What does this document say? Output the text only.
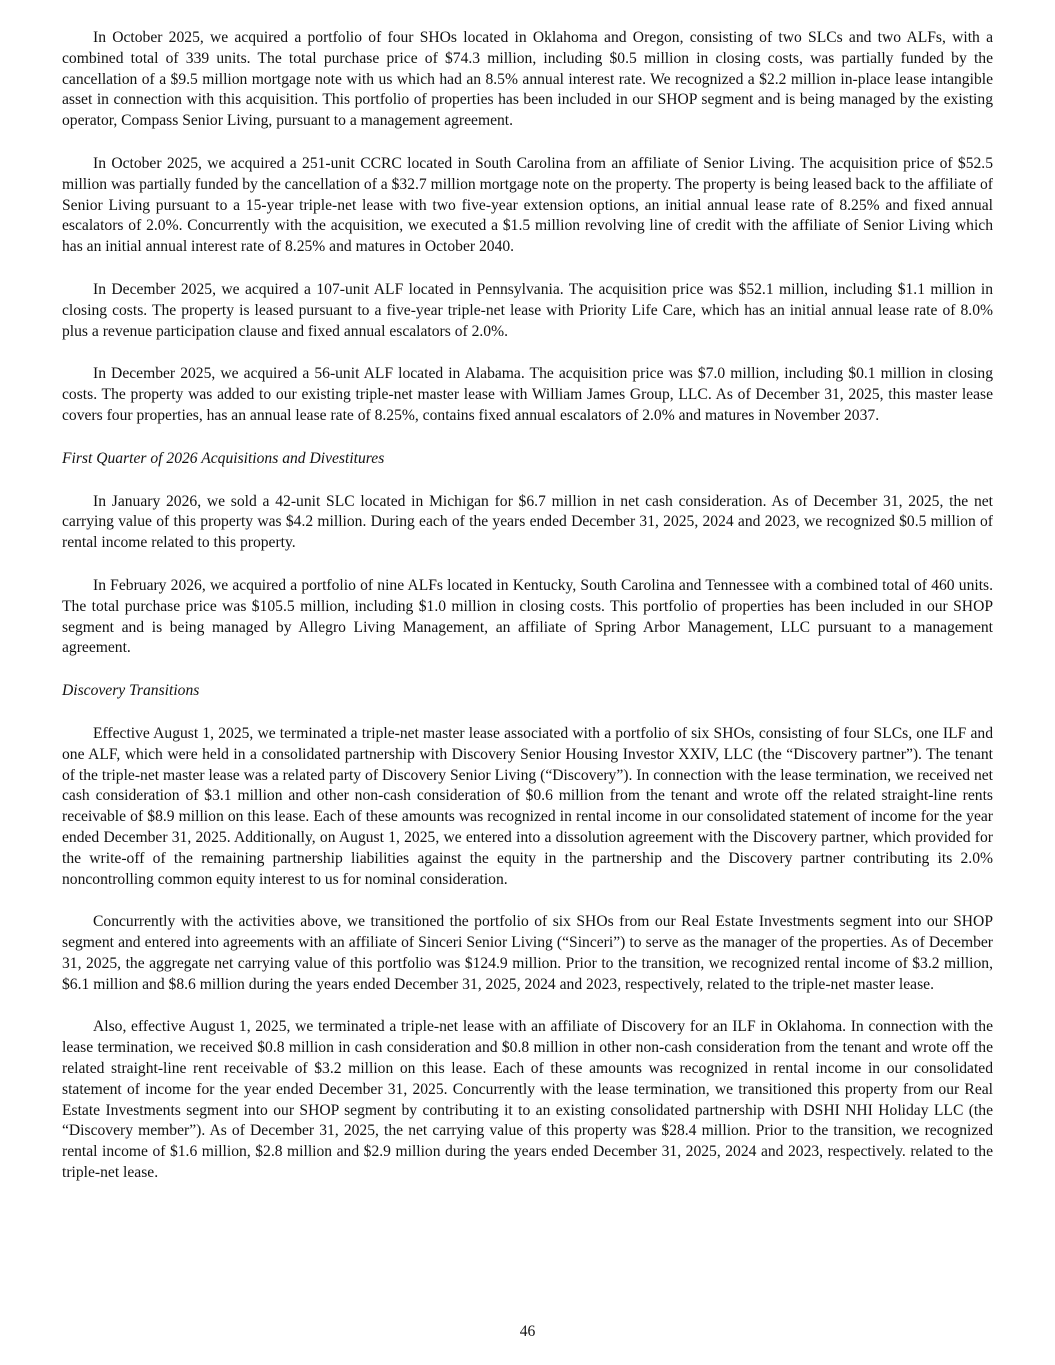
In October 2025, we acquired a portfolio of four SHOs located in Oklahoma and Oregon, consisting of two SLCs and two ALFs, with a combined total of 339 units. The total purchase price of $74.3 million, including $0.5 million in closing costs, was partially funded by the cancellation of a $9.5 million mortgage note with us which had an 8.5% annual interest rate. We recognized a $2.2 million in-place lease intangible asset in connection with this acquisition. This portfolio of properties has been included in our SHOP segment and is being managed by the existing operator, Compass Senior Living, pursuant to a management agreement.

In October 2025, we acquired a 251-unit CCRC located in South Carolina from an affiliate of Senior Living. The acquisition price of $52.5 million was partially funded by the cancellation of a $32.7 million mortgage note on the property. The property is being leased back to the affiliate of Senior Living pursuant to a 15-year triple-net lease with two five-year extension options, an initial annual lease rate of 8.25% and fixed annual escalators of 2.0%. Concurrently with the acquisition, we executed a $1.5 million revolving line of credit with the affiliate of Senior Living which has an initial annual interest rate of 8.25% and matures in October 2040.

In December 2025, we acquired a 107-unit ALF located in Pennsylvania. The acquisition price was $52.1 million, including $1.1 million in closing costs. The property is leased pursuant to a five-year triple-net lease with Priority Life Care, which has an initial annual lease rate of 8.0% plus a revenue participation clause and fixed annual escalators of 2.0%.

In December 2025, we acquired a 56-unit ALF located in Alabama. The acquisition price was $7.0 million, including $0.1 million in closing costs. The property was added to our existing triple-net master lease with William James Group, LLC. As of December 31, 2025, this master lease covers four properties, has an annual lease rate of 8.25%, contains fixed annual escalators of 2.0% and matures in November 2037.

First Quarter of 2026 Acquisitions and Divestitures

In January 2026, we sold a 42-unit SLC located in Michigan for $6.7 million in net cash consideration. As of December 31, 2025, the net carrying value of this property was $4.2 million. During each of the years ended December 31, 2025, 2024 and 2023, we recognized $0.5 million of rental income related to this property.

In February 2026, we acquired a portfolio of nine ALFs located in Kentucky, South Carolina and Tennessee with a combined total of 460 units. The total purchase price was $105.5 million, including $1.0 million in closing costs. This portfolio of properties has been included in our SHOP segment and is being managed by Allegro Living Management, an affiliate of Spring Arbor Management, LLC pursuant to a management agreement.

Discovery Transitions

Effective August 1, 2025, we terminated a triple-net master lease associated with a portfolio of six SHOs, consisting of four SLCs, one ILF and one ALF, which were held in a consolidated partnership with Discovery Senior Housing Investor XXIV, LLC (the “Discovery partner”). The tenant of the triple-net master lease was a related party of Discovery Senior Living (“Discovery”). In connection with the lease termination, we received net cash consideration of $3.1 million and other non-cash consideration of $0.6 million from the tenant and wrote off the related straight-line rents receivable of $8.9 million on this lease. Each of these amounts was recognized in rental income in our consolidated statement of income for the year ended December 31, 2025. Additionally, on August 1, 2025, we entered into a dissolution agreement with the Discovery partner, which provided for the write-off of the remaining partnership liabilities against the equity in the partnership and the Discovery partner contributing its 2.0% noncontrolling common equity interest to us for nominal consideration.

Concurrently with the activities above, we transitioned the portfolio of six SHOs from our Real Estate Investments segment into our SHOP segment and entered into agreements with an affiliate of Sinceri Senior Living (“Sinceri”) to serve as the manager of the properties. As of December 31, 2025, the aggregate net carrying value of this portfolio was $124.9 million. Prior to the transition, we recognized rental income of $3.2 million, $6.1 million and $8.6 million during the years ended December 31, 2025, 2024 and 2023, respectively, related to the triple-net master lease.

Also, effective August 1, 2025, we terminated a triple-net lease with an affiliate of Discovery for an ILF in Oklahoma. In connection with the lease termination, we received $0.8 million in cash consideration and $0.8 million in other non-cash consideration from the tenant and wrote off the related straight-line rent receivable of $3.2 million on this lease. Each of these amounts was recognized in rental income in our consolidated statement of income for the year ended December 31, 2025. Concurrently with the lease termination, we transitioned this property from our Real Estate Investments segment into our SHOP segment by contributing it to an existing consolidated partnership with DSHI NHI Holiday LLC (the “Discovery member”). As of December 31, 2025, the net carrying value of this property was $28.4 million. Prior to the transition, we recognized rental income of $1.6 million, $2.8 million and $2.9 million during the years ended December 31, 2025, 2024 and 2023, respectively. related to the triple-net lease.

46
